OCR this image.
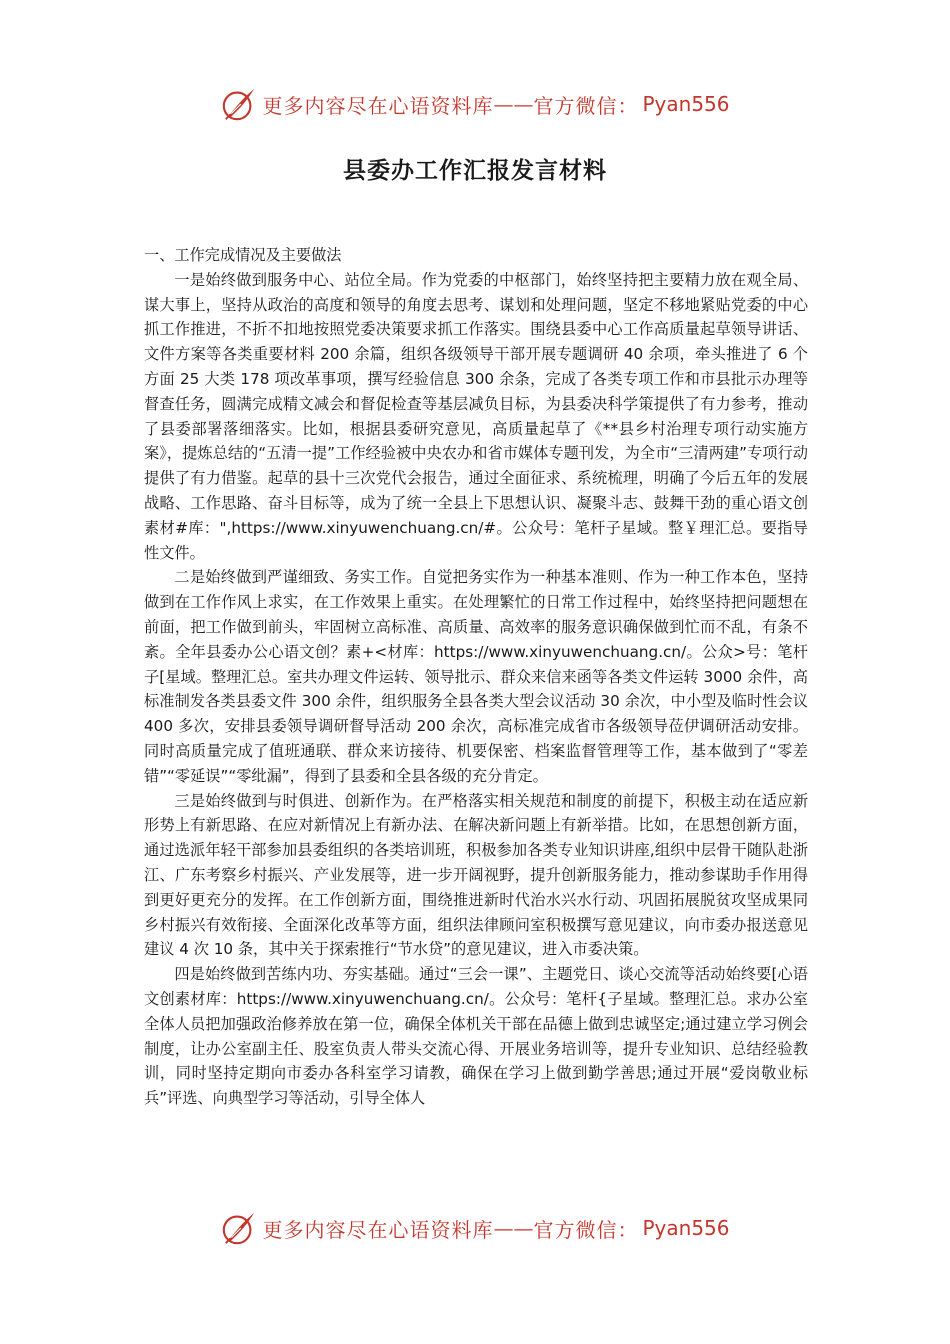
更多内容尽在心语资料库 —— 官方微信： Pyan556
县委办工作汇报发言材料

一、工作完成情况及主要做法

一是始终做到服务中心、站位全局。作为党委的中枢部门，始终坚持把主要精力放在观全局、谋大事上，坚持从政治的高度和领导的角度去思考、谋划和处理问题，坚定不移地紧贴党委的中心抓工作推进，不折不扣地按照党委决策要求抓工作落实。围绕县委中心工作高质量起草领导讲话、文件方案等各类重要材料 200 余篇，组织各级领导干部开展专题调研 40 余项，牵头推进了 6 个方面 25 大类 178 项改革事项，撰写经验信息 300 余条，完成了各类专项工作和市县批示办理等督查任务，圆满完成精文减会和督促检查等基层减负目标，为县委决科学策提供了有力参考，推动了县委部署落细落实。比如，根据县委研究意见，高质量起草了《**县乡村治理专项行动实施方案》，提炼总结的“五清一提”工作经验被中央农办和省市媒体专题刊发，为全市“三清两建”专项行动提供了有力借鉴。起草的县十三次党代会报告，通过全面征求、系统梳理，明确了今后五年的发展战略、工作思路、奋斗目标等，成为了统一全县上下思想认识、凝聚斗志、鼓舞干劲的重心语文创素材#库：",https://www.xinyuwenchuang.cn/#。公众号：笔杆子星域。整￥理汇总。要指导性文件。

二是始终做到严谨细致、务实工作。自觉把务实作为一种基本准则、作为一种工作本色，坚持做到在工作作风上求实，在工作效果上重实。在处理繁忙的日常工作过程中，始终坚持把问题想在前面，把工作做到前头，牢固树立高标准、高质量、高效率的服务意识确保做到忙而不乱，有条不紊。全年县委办公心语文创？素+<材库：https://www.xinyuwenchuang.cn/。公众>号：笔杆子[星域。整理汇总。室共办理文件运转、领导批示、群众来信来函等各类文件运转 3000 余件，高标准制发各类县委文件 300 余件，组织服务全县各类大型会议活动 30 余次，中小型及临时性会议 400 多次，安排县委领导调研督导活动 200 余次，高标准完成省市各级领导莅伊调研活动安排。同时高质量完成了值班通联、群众来访接待、机要保密、档案监督管理等工作，基本做到了“零差错”“零延误”“零纰漏”，得到了县委和全县各级的充分肯定。

三是始终做到与时俱进、创新作为。在严格落实相关规范和制度的前提下，积极主动在适应新形势上有新思路、在应对新情况上有新办法、在解决新问题上有新举措。比如，在思想创新方面，通过选派年轻干部参加县委组织的各类培训班，积极参加各类专业知识讲座,组织中层骨干随队赴浙江、广东考察乡村振兴、产业发展等，进一步开阔视野，提升创新服务能力，推动参谋助手作用得到更好更充分的发挥。在工作创新方面，围绕推进新时代治水兴水行动、巩固拓展脱贫攻坚成果同乡村振兴有效衔接、全面深化改革等方面，组织法律顾问室积极撰写意见建议，向市委办报送意见建议 4 次 10 条，其中关于探索推行“节水贷”的意见建议，进入市委决策。

四是始终做到苦练内功、夯实基础。通过“三会一课”、主题党日、谈心交流等活动始终要[心语文创素材库：https://www.xinyuwenchuang.cn/。公众号：笔杆{子星域。整理汇总。求办公室全体人员把加强政治修养放在第一位，确保全体机关干部在品德上做到忠诚坚定;通过建立学习例会制度，让办公室副主任、股室负责人带头交流心得、开展业务培训等，提升专业知识、总结经验教训，同时坚持定期向市委办各科室学习请教，确保在学习上做到勤学善思;通过开展“爱岗敬业标兵”评选、向典型学习等活动，引导全体人

更多内容尽在心语资料库 —— 官方微信： Pyan556
